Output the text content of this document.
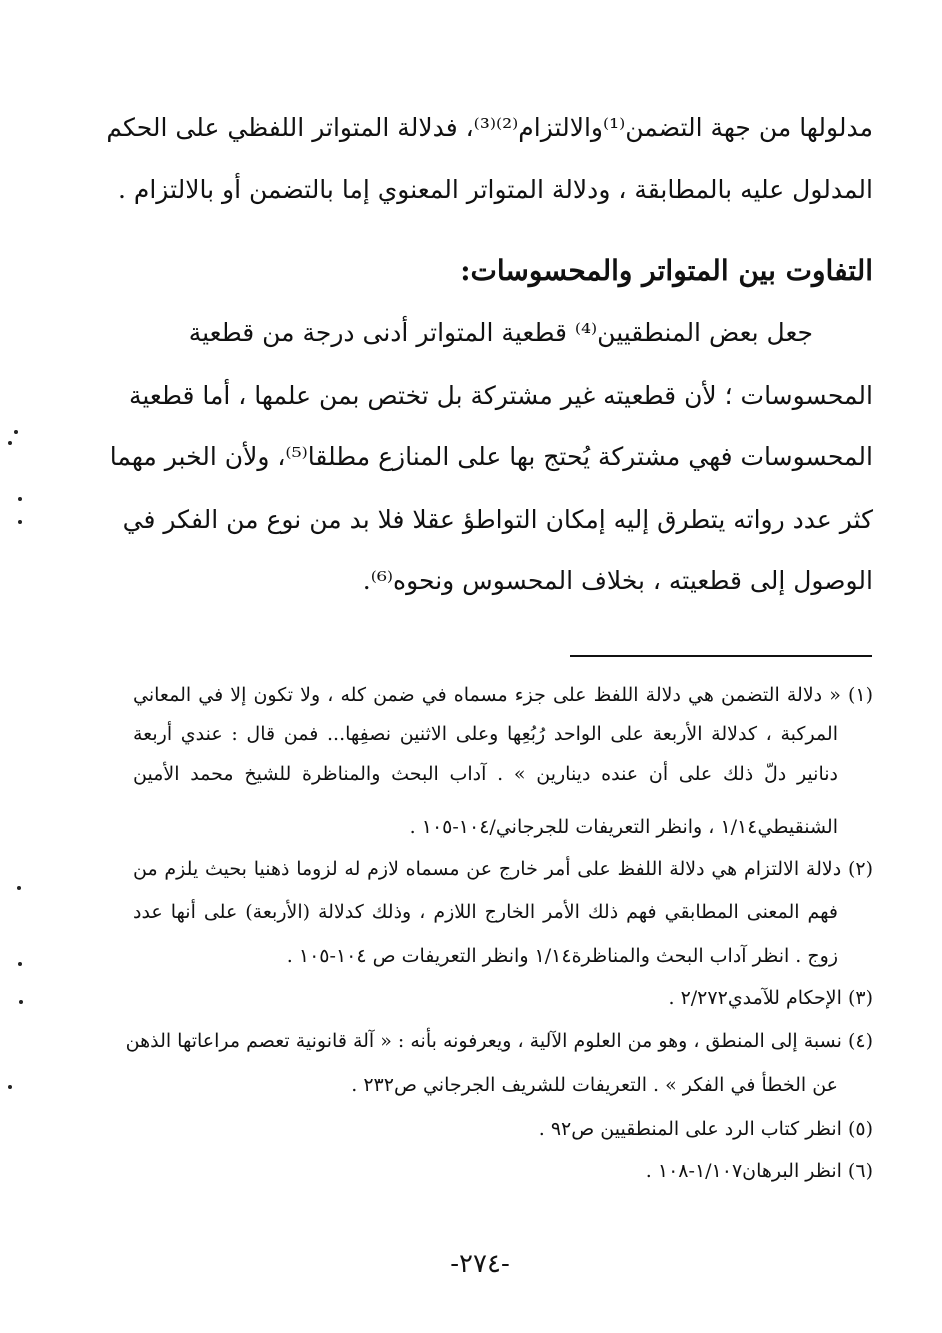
مدلولها من جهة التضمن⁽¹⁾والالتزام⁽²⁾⁽³⁾، فدلالة المتواتر اللفظي على الحكم
المدلول عليه بالمطابقة ، ودلالة المتواتر المعنوي إما بالتضمن أو بالالتزام .
التفاوت بين المتواتر والمحسوسات:
جعل بعض المنطقيين⁽⁴⁾ قطعية المتواتر أدنى درجة من قطعية
المحسوسات ؛ لأن قطعيته غير مشتركة بل تختص بمن علمها ، أما قطعية
المحسوسات فهي مشتركة يُحتج بها على المنازع مطلقا⁽⁵⁾، ولأن الخبر مهما
كثر عدد رواته يتطرق إليه إمكان التواطؤ عقلا فلا بد من نوع من الفكر في
الوصول إلى قطعيته ، بخلاف المحسوس ونحوه⁽⁶⁾.
(١) « دلالة التضمن هي دلالة اللفظ على جزء مسماه في ضمن كله ، ولا تكون إلا في المعاني
المركبة ، كدلالة الأربعة على الواحد رُبُعِها وعلى الاثنين نصفِها... فمن قال : عندي أربعة
دنانير دلّ ذلك على أن عنده دينارين » . آداب البحث والمناظرة للشيخ محمد الأمين
الشنقيطي١/١٤ ، وانظر التعريفات للجرجاني/١٠٤-١٠٥ .
(٢) دلالة الالتزام هي دلالة اللفظ على أمر خارج عن مسماه لازم له لزوما ذهنيا بحيث يلزم من
فهم المعنى المطابقي فهم ذلك الأمر الخارج اللازم ، وذلك كدلالة (الأربعة) على أنها عدد
زوج . انظر آداب البحث والمناظرة١/١٤ وانظر التعريفات ص ١٠٤-١٠٥ .
(٣) الإحكام للآمدي٢/٢٧٢ .
(٤) نسبة إلى المنطق ، وهو من العلوم الآلية ، ويعرفونه بأنه : « آلة قانونية تعصم مراعاتها الذهن
عن الخطأ في الفكر » . التعريفات للشريف الجرجاني ص٢٣٢ .
(٥) انظر كتاب الرد على المنطقيين ص٩٢ .
(٦) انظر البرهان١/١٠٧-١٠٨ .
-٢٧٤-
